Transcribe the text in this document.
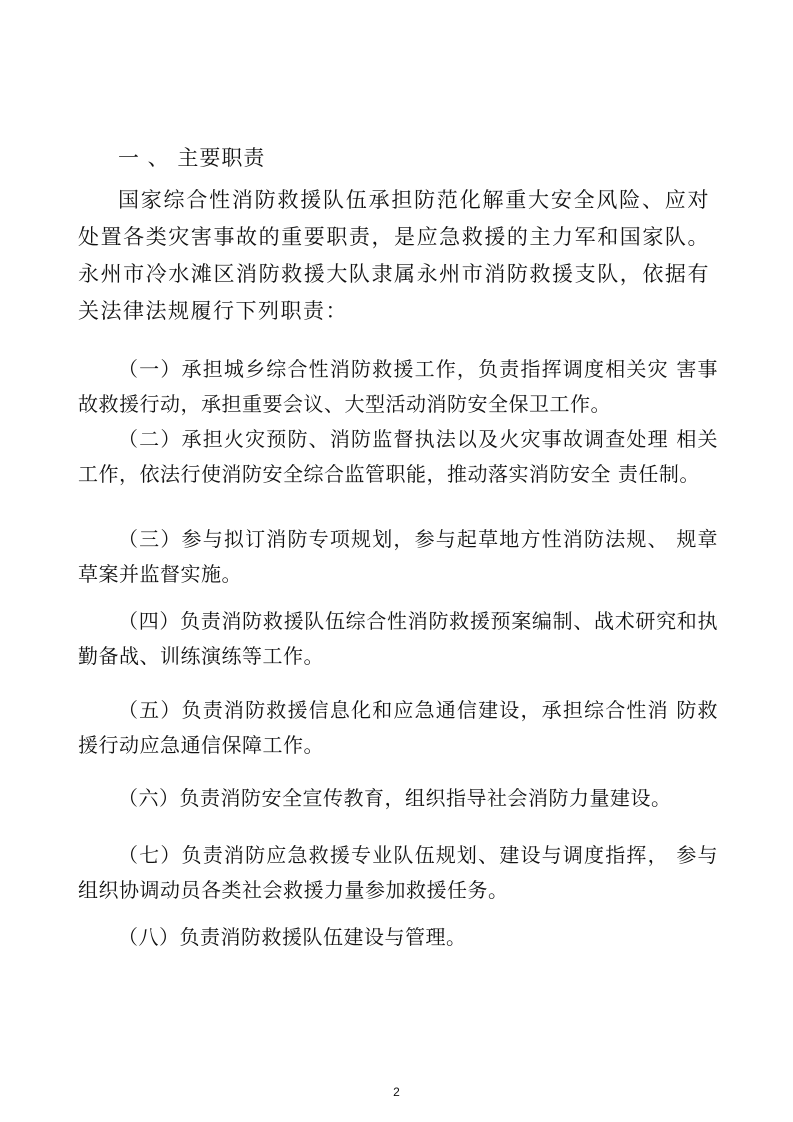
一 、 主要职责
国家综合性消防救援队伍承担防范化解重大安全风险、应对处置各类灾害事故的重要职责，是应急救援的主力军和国家队。永州市冷水滩区消防救援大队隶属永州市消防救援支队，依据有关法律法规履行下列职责：
（一）承担城乡综合性消防救援工作，负责指挥调度相关灾 害事故救援行动，承担重要会议、大型活动消防安全保卫工作。
（二）承担火灾预防、消防监督执法以及火灾事故调查处理 相关工作，依法行使消防安全综合监管职能，推动落实消防安全 责任制。
（三）参与拟订消防专项规划，参与起草地方性消防法规、 规章草案并监督实施。
（四）负责消防救援队伍综合性消防救援预案编制、战术研究和执勤备战、训练演练等工作。
（五）负责消防救援信息化和应急通信建设，承担综合性消 防救援行动应急通信保障工作。
（六）负责消防安全宣传教育，组织指导社会消防力量建设。
（七）负责消防应急救援专业队伍规划、建设与调度指挥， 参与组织协调动员各类社会救援力量参加救援任务。
（八）负责消防救援队伍建设与管理。
2
